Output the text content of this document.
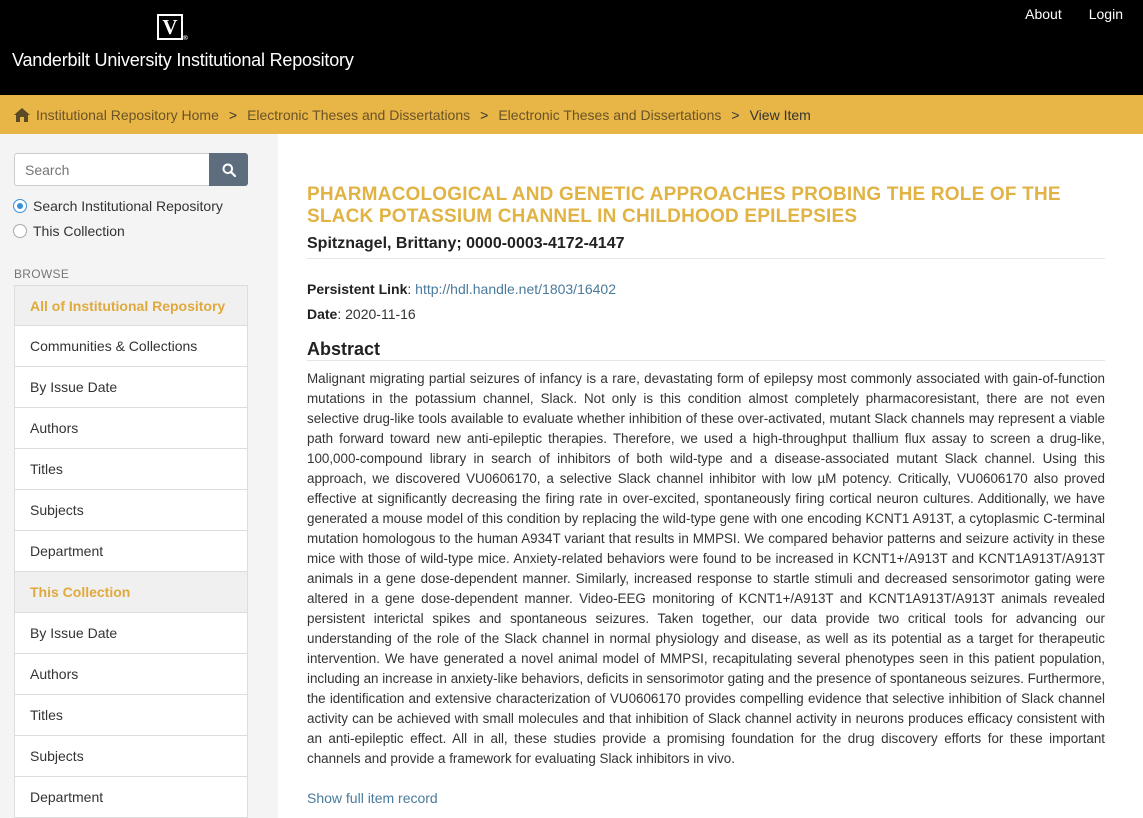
V ®
Vanderbilt University Institutional Repository
About Login
Institutional Repository Home > Electronic Theses and Dissertations > Electronic Theses and Dissertations > View Item
Search
Search Institutional Repository
This Collection
BROWSE
All of Institutional Repository
Communities & Collections
By Issue Date
Authors
Titles
Subjects
Department
This Collection
By Issue Date
Authors
Titles
Subjects
Department
PHARMACOLOGICAL AND GENETIC APPROACHES PROBING THE ROLE OF THE SLACK POTASSIUM CHANNEL IN CHILDHOOD EPILEPSIES
Spitznagel, Brittany; 0000-0003-4172-4147
Persistent Link: http://hdl.handle.net/1803/16402
Date: 2020-11-16
Abstract

Malignant migrating partial seizures of infancy is a rare, devastating form of epilepsy most commonly associated with gain-of-function mutations in the potassium channel, Slack. Not only is this condition almost completely pharmacoresistant, there are not even selective drug-like tools available to evaluate whether inhibition of these over-activated, mutant Slack channels may represent a viable path forward toward new anti-epileptic therapies. Therefore, we used a high-throughput thallium flux assay to screen a drug-like, 100,000-compound library in search of inhibitors of both wild-type and a disease-associated mutant Slack channel. Using this approach, we discovered VU0606170, a selective Slack channel inhibitor with low µM potency. Critically, VU0606170 also proved effective at significantly decreasing the firing rate in over-excited, spontaneously firing cortical neuron cultures. Additionally, we have generated a mouse model of this condition by replacing the wild-type gene with one encoding KCNT1 A913T, a cytoplasmic C-terminal mutation homologous to the human A934T variant that results in MMPSI. We compared behavior patterns and seizure activity in these mice with those of wild-type mice. Anxiety-related behaviors were found to be increased in KCNT1+/A913T and KCNT1A913T/A913T animals in a gene dose-dependent manner. Similarly, increased response to startle stimuli and decreased sensorimotor gating were altered in a gene dose-dependent manner. Video-EEG monitoring of KCNT1+/A913T and KCNT1A913T/A913T animals revealed persistent interictal spikes and spontaneous seizures. Taken together, our data provide two critical tools for advancing our understanding of the role of the Slack channel in normal physiology and disease, as well as its potential as a target for therapeutic intervention. We have generated a novel animal model of MMPSI, recapitulating several phenotypes seen in this patient population, including an increase in anxiety-like behaviors, deficits in sensorimotor gating and the presence of spontaneous seizures. Furthermore, the identification and extensive characterization of VU0606170 provides compelling evidence that selective inhibition of Slack channel activity can be achieved with small molecules and that inhibition of Slack channel activity in neurons produces efficacy consistent with an anti-epileptic effect. All in all, these studies provide a promising foundation for the drug discovery efforts for these important channels and provide a framework for evaluating Slack inhibitors in vivo.

Show full item record
